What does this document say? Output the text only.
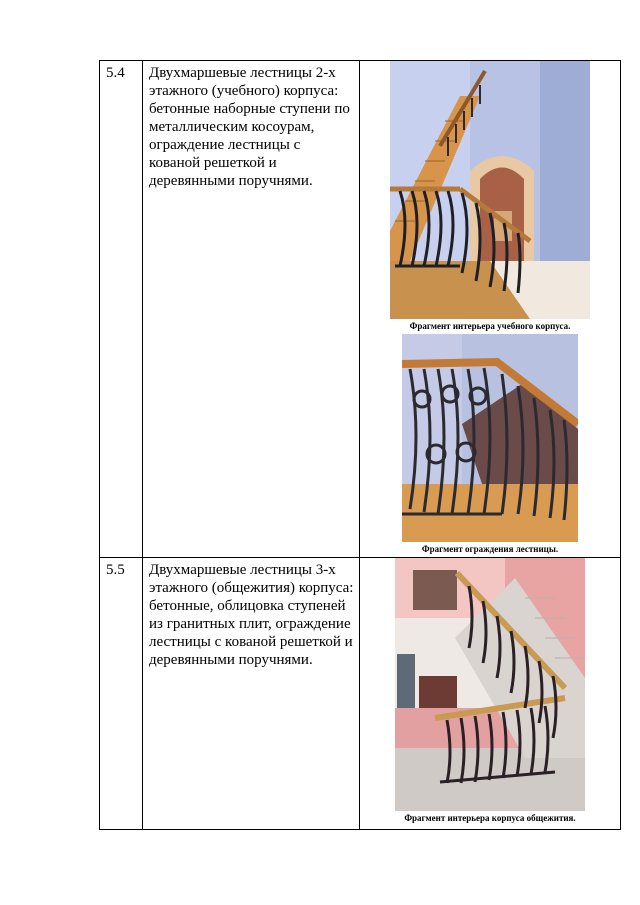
5.4	Двухмаршевые лестницы 2-х этажного (учебного) корпуса: бетонные наборные ступени по металлическим косоурам, ограждение лестницы с кованой решеткой и деревянными поручнями.	Фрагмент интерьера учебного корпуса.
Фрагмент ограждения лестницы.

5.5	Двухмаршевые лестницы 3-х этажного (общежития) корпуса: бетонные, облицовка ступеней из гранитных плит, ограждение лестницы с кованой решеткой и деревянными поручнями.	Фрагмент интерьера корпуса общежития.
